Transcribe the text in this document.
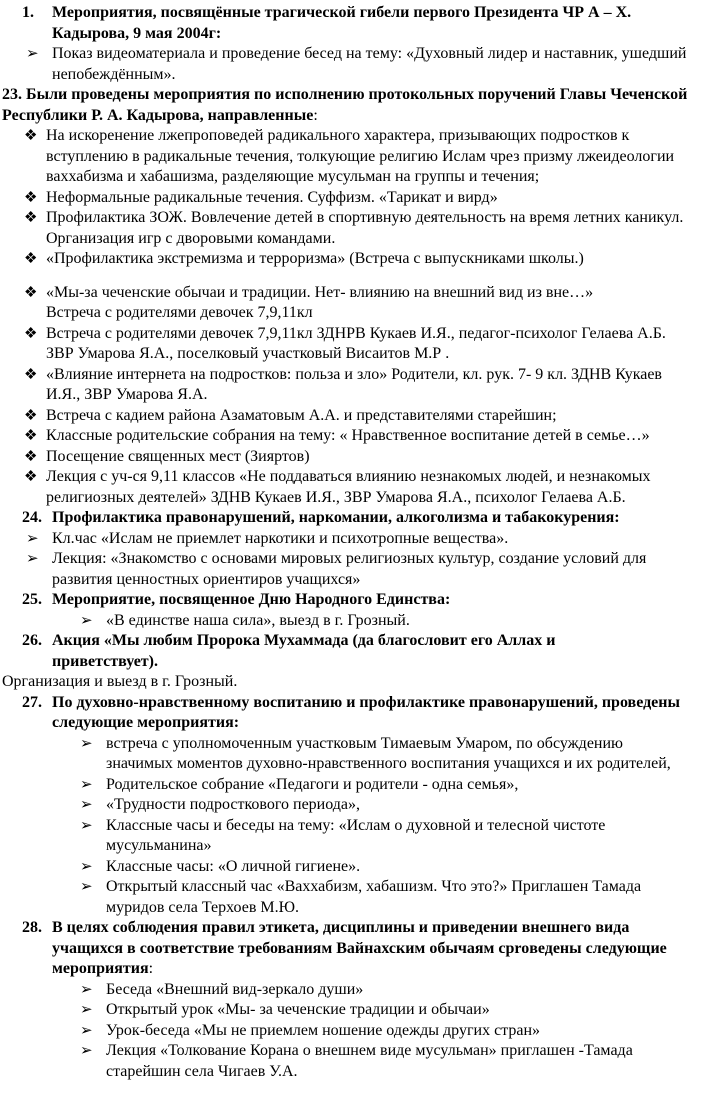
1. Мероприятия, посвящённые трагической гибели первого Президента ЧР А – Х. Кадырова, 9 мая 2004г:
➢ Показ видеоматериала и проведение бесед на тему: «Духовный лидер и наставник, ушедший непобеждённым».
23. Были проведены мероприятия по исполнению протокольных поручений Главы Чеченской Республики Р. А. Кадырова, направленные:
❖ На искоренение лжепроповедей радикального характера, призывающих подростков к вступлению в радикальные течения, толкующие религию Ислам чрез призму лжеидеологии ваххабизма и хабашизма, разделяющие мусульман на группы и течения;
❖ Неформальные радикальные течения. Суффизм. «Тарикат и вирд»
❖ Профилактика ЗОЖ. Вовлечение детей в спортивную деятельность на время летних каникул. Организация игр с дворовыми командами.
❖ «Профилактика экстремизма и терроризма» (Встреча с выпускниками школы.)
❖ «Мы-за чеченские обычаи и традиции. Нет- влиянию на внешний вид из вне…» Встреча с родителями девочек 7,9,11кл
❖ Встреча с родителями девочек 7,9,11кл ЗДНРВ Кукаев И.Я., педагог-психолог Гелаева А.Б. ЗВР Умарова Я.А., поселковый участковый Висаитов М.Р .
❖ «Влияние интернета на подростков: польза и зло» Родители, кл. рук. 7- 9 кл. ЗДНВ Кукаев И.Я., ЗВР Умарова Я.А.
❖ Встреча с кадием района Азаматовым А.А. и представителями старейшин;
❖ Классные родительские собрания на тему: « Нравственное воспитание детей в семье…»
❖ Посещение священных мест (Зияртов)
❖ Лекция с уч-ся 9,11 классов «Не поддаваться влиянию незнакомых людей, и незнакомых религиозных деятелей» ЗДНВ Кукаев И.Я., ЗВР Умарова Я.А., психолог Гелаева А.Б.
24. Профилактика правонарушений, наркомании, алкоголизма и табакокурения:
➢ Кл.час «Ислам не приемлет наркотики и психотропные вещества».
➢ Лекция: «Знакомство с основами мировых религиозных культур, создание условий для развития ценностных ориентиров учащихся»
25. Мероприятие, посвященное Дню Народного Единства:
➢ «В единстве наша сила», выезд в г. Грозный.
26. Акция «Мы любим Пророка Мухаммада (да благословит его Аллах и приветствует).
Организация и выезд в г. Грозный.
27. По духовно-нравственному воспитанию и профилактике правонарушений, проведены следующие мероприятия:
➢ встреча с уполномоченным участковым Тимаевым Умаром, по обсуждению значимых моментов духовно-нравственного воспитания учащихся и их родителей,
➢ Родительское собрание «Педагоги и родители - одна семья»,
➢ «Трудности подросткового периода»,
➢ Классные часы и беседы на тему: «Ислам о духовной и телесной чистоте мусульманина»
➢ Классные часы: «О личной гигиене».
➢ Открытый классный час «Ваххабизм, хабашизм. Что это?» Приглашен Тамада муридов села Терхоев М.Ю.
28. В целях соблюдения правил этикета, дисциплины и приведении внешнего вида учащихся в соответствие требованиям Вайнахским обычаям сproведены следующие мероприятия:
➢ Беседа «Внешний вид-зеркало души»
➢ Открытый урок «Мы- за чеченские традиции и обычаи»
➢ Урок-беседа «Мы не приемлем ношение одежды других стран»
➢ Лекция «Толкование Корана о внешнем виде мусульман» приглашен -Тамада старейшин села Чигаев У.А.
